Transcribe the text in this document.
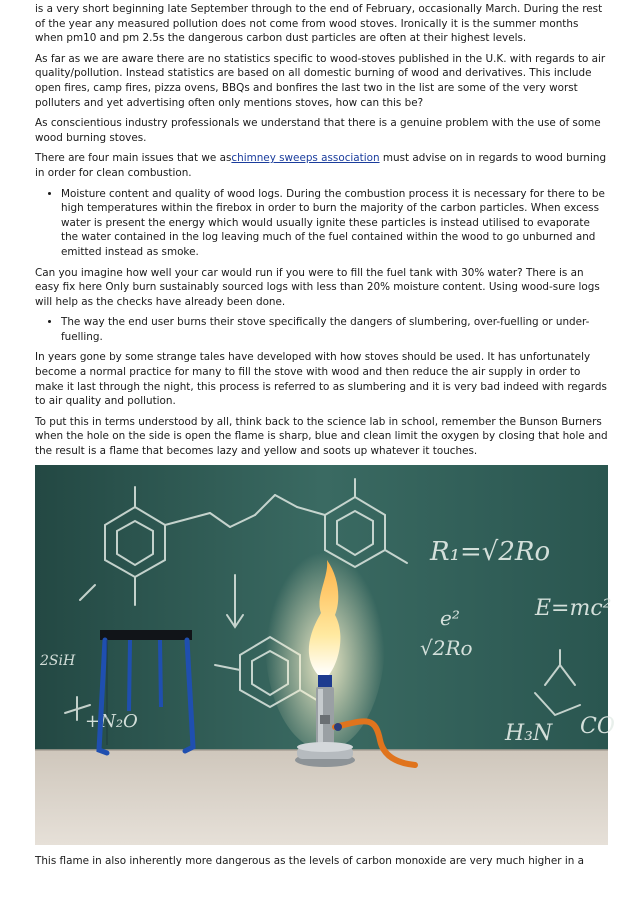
is a very short beginning late September through to the end of February, occasionally March. During the rest of the year any measured pollution does not come from wood stoves. Ironically it is the summer months when pm10 and pm 2.5s the dangerous carbon dust particles are often at their highest levels.

As far as we are aware there are no statistics specific to wood-stoves published in the U.K. with regards to air quality/pollution. Instead statistics are based on all domestic burning of wood and derivatives. This include open fires, camp fires, pizza ovens, BBQs and bonfires the last two in the list are some of the very worst polluters and yet advertising often only mentions stoves, how can this be?

As conscientious industry professionals we understand that there is a genuine problem with the use of some wood burning stoves.

There are four main issues that we aschimney sweeps association must advise on in regards to wood burning in order for clean combustion.

• Moisture content and quality of wood logs. During the combustion process it is necessary for there to be high temperatures within the firebox in order to burn the majority of the carbon particles. When excess water is present the energy which would usually ignite these particles is instead utilised to evaporate the water contained in the log leaving much of the fuel contained within the wood to go unburned and emitted instead as smoke.

Can you imagine how well your car would run if you were to fill the fuel tank with 30% water? There is an easy fix here Only burn sustainably sourced logs with less than 20% moisture content. Using wood-sure logs will help as the checks have already been done.

• The way the end user burns their stove specifically the dangers of slumbering, over-fuelling or under-fuelling.

In years gone by some strange tales have developed with how stoves should be used. It has unfortunately become a normal practice for many to fill the stove with wood and then reduce the air supply in order to make it last through the night, this process is referred to as slumbering and it is very bad indeed with regards to air quality and pollution.

To put this in terms understood by all, think back to the science lab in school, remember the Bunson Burners when the hole on the side is open the flame is sharp, blue and clean limit the oxygen by closing that hole and the result is a flame that becomes lazy and yellow and soots up whatever it touches.

R₁=√2Ro
E=mc²
e²
√2Ro
H₃N CO
2SiH
+N₂O

This flame in also inherently more dangerous as the levels of carbon monoxide are very much higher in a
